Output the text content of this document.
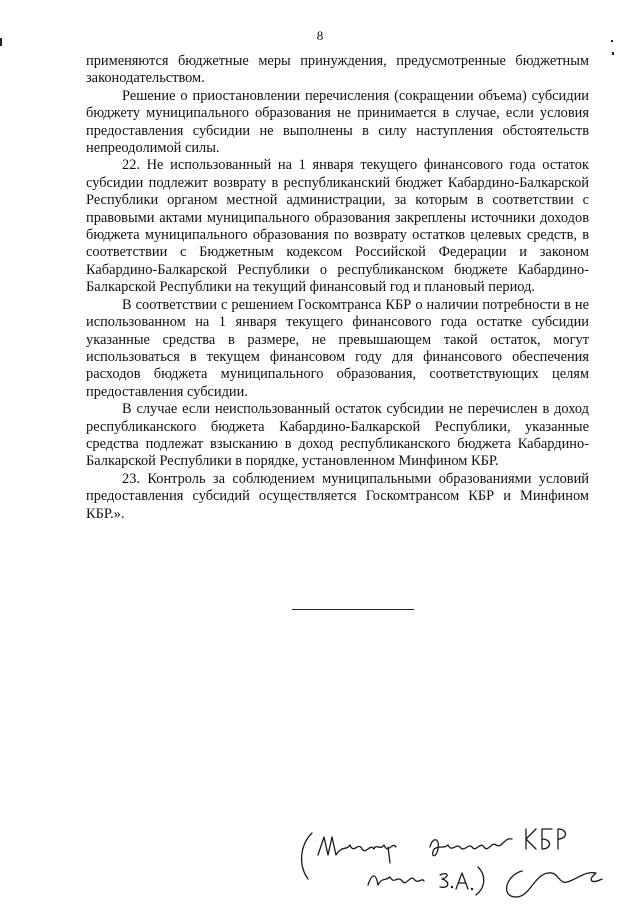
8

применяются бюджетные меры принуждения, предусмотренные бюджетным законодательством.

Решение о приостановлении перечисления (сокращении объема) субсидии бюджету муниципального образования не принимается в случае, если условия предоставления субсидии не выполнены в силу наступления обстоятельств непреодолимой силы.

22. Не использованный на 1 января текущего финансового года остаток субсидии подлежит возврату в республиканский бюджет Кабардино-Балкарской Республики органом местной администрации, за которым в соответствии с правовыми актами муниципального образования закреплены источники доходов бюджета муниципального образования по возврату остатков целевых средств, в соответствии с Бюджетным кодексом Российской Федерации и законом Кабардино-Балкарской Республики о республиканском бюджете Кабардино-Балкарской Республики на текущий финансовый год и плановый период.

В соответствии с решением Госкомтранса КБР о наличии потребности в не использованном на 1 января текущего финансового года остатке субсидии указанные средства в размере, не превышающем такой остаток, могут использоваться в текущем финансовом году для финансового обеспечения расходов бюджета муниципального образования, соответствующих целям предоставления субсидии.

В случае если неиспользованный остаток субсидии не перечислен в доход республиканского бюджета Кабардино-Балкарской Республики, указанные средства подлежат взысканию в доход республиканского бюджета Кабардино-Балкарской Республики в порядке, установленном Минфином КБР.

23. Контроль за соблюдением муниципальными образованиями условий предоставления субсидий осуществляется Госкомтрансом КБР и Минфином КБР.».
